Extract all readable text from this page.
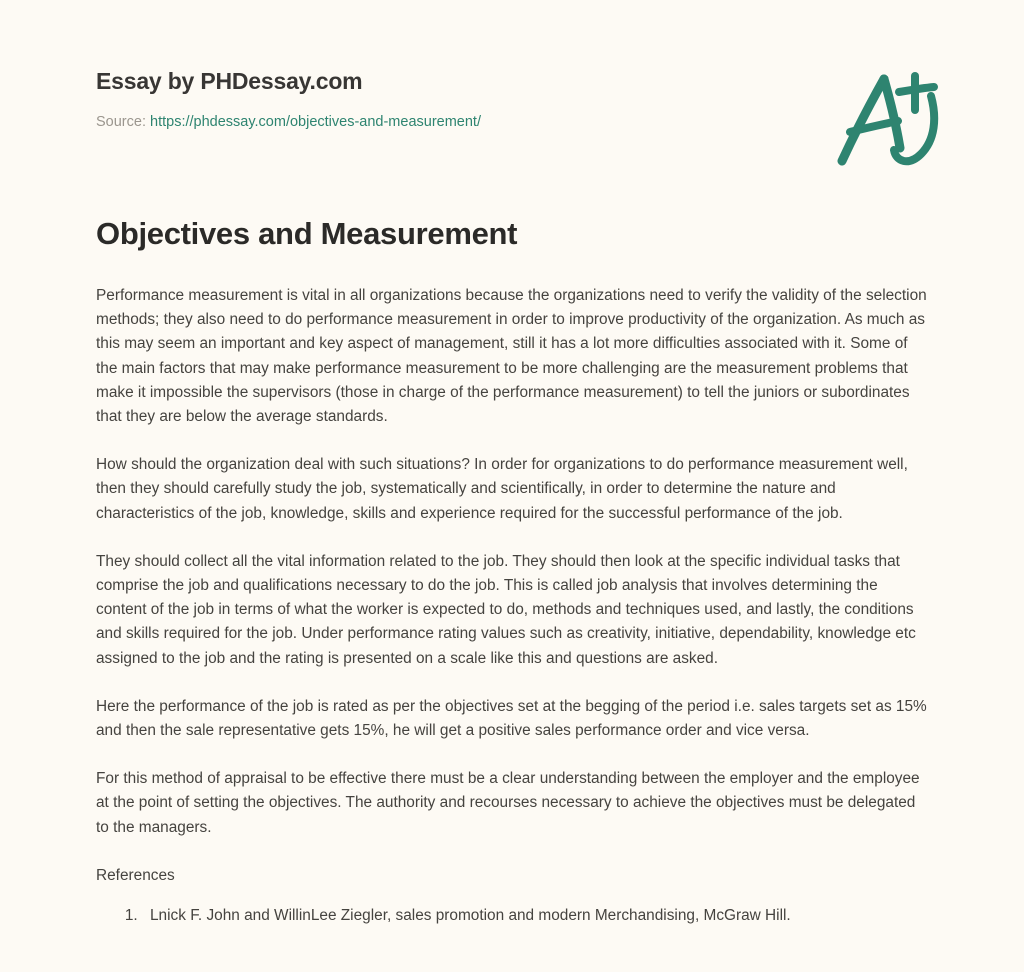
Essay by PHDessay.com
Source: https://phdessay.com/objectives-and-measurement/
Objectives and Measurement

Performance measurement is vital in all organizations because the organizations need to verify the validity of the selection methods; they also need to do performance measurement in order to improve productivity of the organization. As much as this may seem an important and key aspect of management, still it has a lot more difficulties associated with it. Some of the main factors that may make performance measurement to be more challenging are the measurement problems that make it impossible the supervisors (those in charge of the performance measurement) to tell the juniors or subordinates that they are below the average standards.

How should the organization deal with such situations? In order for organizations to do performance measurement well, then they should carefully study the job, systematically and scientifically, in order to determine the nature and characteristics of the job, knowledge, skills and experience required for the successful performance of the job.

They should collect all the vital information related to the job. They should then look at the specific individual tasks that comprise the job and qualifications necessary to do the job. This is called job analysis that involves determining the content of the job in terms of what the worker is expected to do, methods and techniques used, and lastly, the conditions and skills required for the job. Under performance rating values such as creativity, initiative, dependability, knowledge etc assigned to the job and the rating is presented on a scale like this and questions are asked.

Here the performance of the job is rated as per the objectives set at the begging of the period i.e. sales targets set as 15% and then the sale representative gets 15%, he will get a positive sales performance order and vice versa.

For this method of appraisal to be effective there must be a clear understanding between the employer and the employee at the point of setting the objectives. The authority and recourses necessary to achieve the objectives must be delegated to the managers.

References
1. Lnick F. John and WillinLee Ziegler, sales promotion and modern Merchandising, McGraw Hill.
